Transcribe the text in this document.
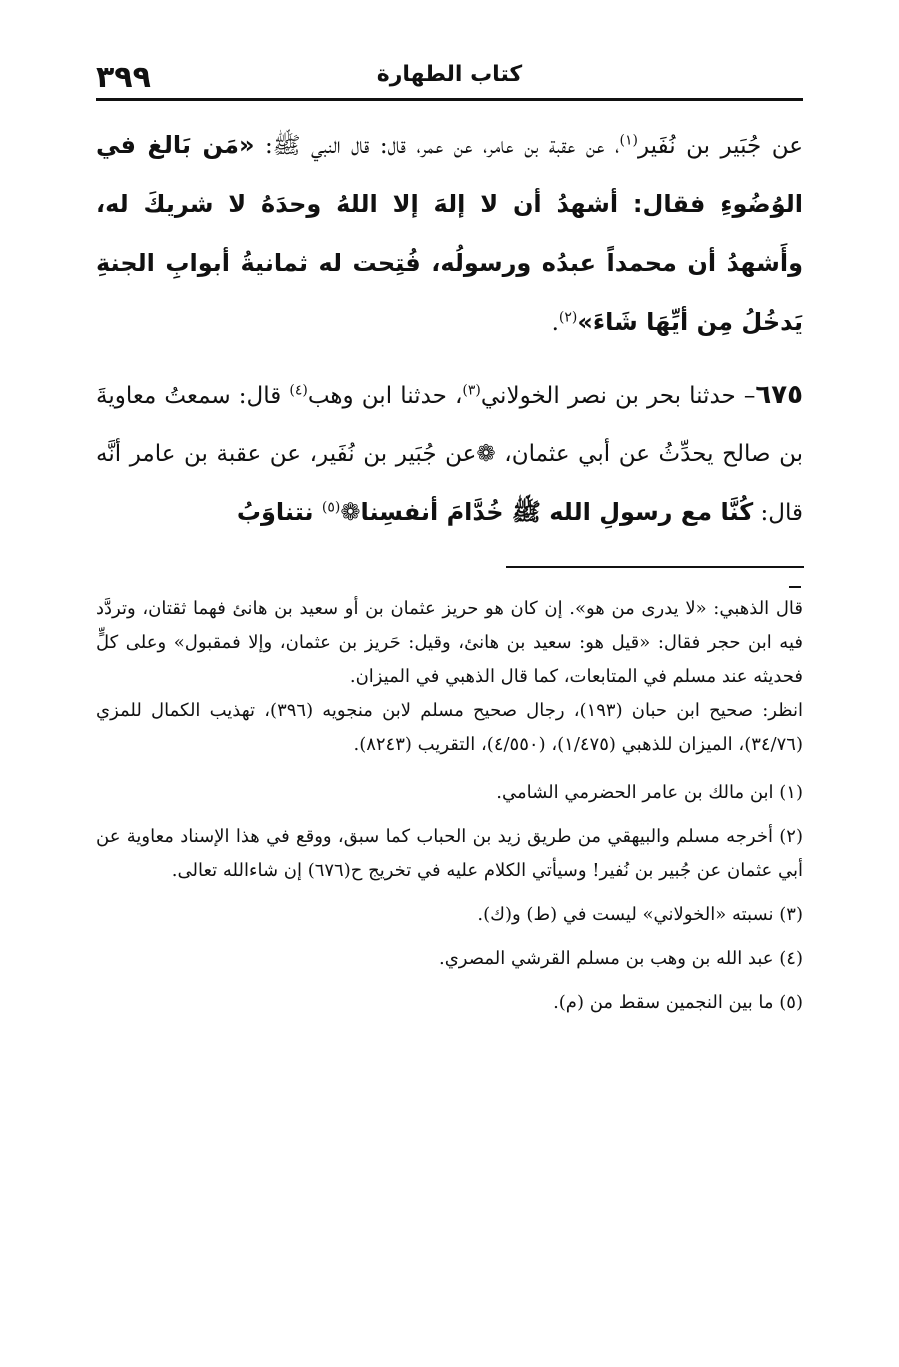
٣٩٩	كتاب الطهارة

عن جُبَير بن نُفَير$^{(١)}$، عن عقبة بن عامر، عن عمر، قال: قال النبي ﷺ: «مَن بَالغ في الوُضُوءِ فقال: أشهدُ أن لا إلهَ إلا اللهُ وحدَهُ لا شريكَ له، وأَشهدُ أن محمداً عبدُه ورسولُه، فُتِحت له ثمانيةُ أبوابِ الجنةِ يَدخُلُ مِن أيِّهَا شَاءَ»$^{(٢)}$.

٦٧٥– حدثنا بحر بن نصر الخولاني$^{(٣)}$، حدثنا ابن وهب$^{(٤)}$ قال: سمعتُ معاويةَ بن صالح يحدِّثُ عن أبي عثمان، ❁عن جُبَير بن نُفَير، عن عقبة بن عامر أنَّه قال: كُنَّا مع رسولِ الله ﷺ خُدَّامَ أنفسِنا❁$^{(٥)}$ نتناوَبُ

قال الذهبي: «لا يدرى من هو». إن كان هو حريز عثمان بن أو سعيد بن هانئ فهما ثقتان، وتردَّد فيه ابن حجر فقال: «قيل هو: سعيد بن هانئ، وقيل: حَريز بن عثمان، وإلا فمقبول» وعلى كلٍّ فحديثه عند مسلم في المتابعات، كما قال الذهبي في الميزان.

انظر: صحيح ابن حبان (١٩٣)، رجال صحيح مسلم لابن منجويه (٣٩٦)، تهذيب الكمال للمزي (٣٤/٧٦)، الميزان للذهبي (١/٤٧٥)، (٤/٥٥٠)، التقريب (٨٢٤٣).

(١) ابن مالك بن عامر الحضرمي الشامي.

(٢) أخرجه مسلم والبيهقي من طريق زيد بن الحباب كما سبق، ووقع في هذا الإسناد معاوية عن أبي عثمان عن جُبير بن نُفير! وسيأتي الكلام عليه في تخريج ح(٦٧٦) إن شاءالله تعالى.

(٣) نسبته «الخولاني» ليست في (ط) و(ك).

(٤) عبد الله بن وهب بن مسلم القرشي المصري.

(٥) ما بين النجمين سقط من (م).
